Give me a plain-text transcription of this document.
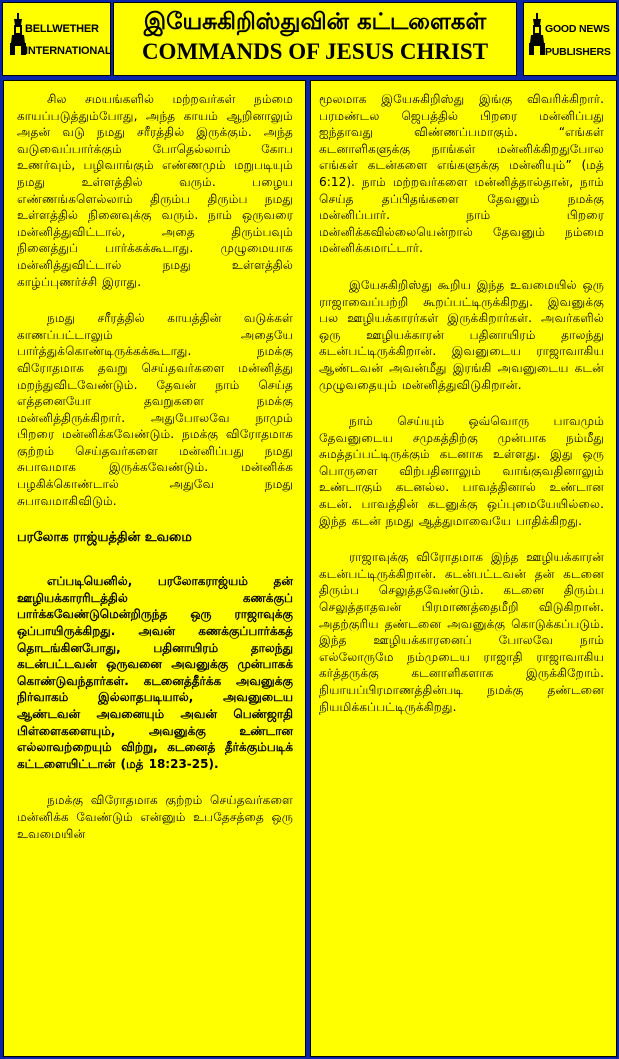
BELLWETHER
INTERNATIONAL
இயேசுகிறிஸ்துவின் கட்டளைகள்
COMMANDS OF JESUS CHRIST
GOOD NEWS
PUBLISHERS

சில சமயங்களில் மற்றவர்கள் நம்மை காயப்படுத்தும்போது, அந்த காயம் ஆறினாலும் அதன் வடு நமது சரீரத்தில் இருக்கும். அந்த வடுவைப்பார்க்கும் போதெல்லாம் கோப உணர்வும், பழிவாங்கும் எண்ணமும் மறுபடியும் நமது உள்ளத்தில் வரும். பழைய எண்ணங்களெல்லாம் திரும்ப திரும்ப நமது உள்ளத்தில் நினைவுக்கு வரும். நாம் ஒருவரை மன்னித்துவிட்டால், அதை திரும்பவும் நினைத்துப் பார்க்கக்கூடாது. முழுமையாக மன்னித்துவிட்டால் நமது உள்ளத்தில் காழ்ப்புணர்ச்சி இராது.

நமது சரீரத்தில் காயத்தின் வடுக்கள் காணப்பட்டாலும் அதையே பார்த்துக்கொண்டிருக்கக்கூடாது. நமக்கு விரோதமாக தவறு செய்தவர்களை மன்னித்து மறந்துவிடவேண்டும். தேவன் நாம் செய்த எத்தனையோ தவறுகளை நமக்கு மன்னித்திருக்கிறார். அதுபோலவே நாமும் பிறரை மன்னிக்கவேண்டும். நமக்கு விரோதமாக குற்றம் செய்தவர்களை மன்னிப்பது நமது சுபாவமாக இருக்கவேண்டும். மன்னிக்க பழகிக்கொண்டால் அதுவே நமது சுபாவமாகிவிடும்.

பரலோக ராஜ்யத்தின் உவமை

எப்படியெனில், பரலோகராஜ்யம் தன் ஊழியக்காரரிடத்தில் கணக்குப் பார்க்கவேண்டுமென்றிருந்த ஒரு ராஜாவுக்கு ஒப்பாயிருக்கிறது. அவன் கணக்குப்பார்க்கத் தொடங்கினபோது, பதினாயிரம் தாலந்து கடன்பட்டவன் ஒருவனை அவனுக்கு முன்பாகக் கொண்டுவந்தார்கள். கடனைத்தீர்க்க அவனுக்கு நிர்வாகம் இல்லாதபடியால், அவனுடைய ஆண்டவன் அவனையும் அவன் பெண்ஜாதி பிள்ளைகளையும், அவனுக்கு உண்டான எல்லாவற்றையும் விற்று, கடனைத் தீர்க்கும்படிக் கட்டளையிட்டான் (மத் 18:23-25).

நமக்கு விரோதமாக குற்றம் செய்தவர்களை மன்னிக்க வேண்டும் என்னும் உபதேசத்தை ஒரு உவமையின்

மூலமாக இயேசுகிறிஸ்து இங்கு விவரிக்கிறார். பரமண்டல ஜெபத்தில் பிறரை மன்னிப்பது ஐந்தாவது விண்ணப்பமாகும். “எங்கள் கடனாளிகளுக்கு நாங்கள் மன்னிக்கிறதுபோல எங்கள் கடன்களை எங்களுக்கு மன்னியும்” (மத் 6:12). நாம் மற்றவர்களை மன்னித்தால்தான், நாம் செய்த தப்பிதங்களை தேவனும் நமக்கு மன்னிப்பார். நாம் பிறரை மன்னிக்கவில்லையென்றால் தேவனும் நம்மை மன்னிக்கமாட்டார்.

இயேசுகிறிஸ்து கூறிய இந்த உவமையில் ஒரு ராஜாவைப்பற்றி கூறப்பட்டிருக்கிறது. இவனுக்கு பல ஊழியக்காரர்கள் இருக்கிறார்கள். அவர்களில் ஒரு ஊழியக்காரன் பதினாயிரம் தாலந்து கடன்பட்டிருக்கிறான். இவனுடைய ராஜாவாகிய ஆண்டவன் அவன்மீது இரங்கி அவனுடைய கடன் முழுவதையும் மன்னித்துவிடுகிறான்.

நாம் செய்யும் ஒவ்வொரு பாவமும் தேவனுடைய சமுகத்திற்கு முன்பாக நம்மீது சுமத்தப்பட்டிருக்கும் கடனாக உள்ளது. இது ஒரு பொருளை விற்பதினாலும் வாங்குவதினாலும் உண்டாகும் கடனல்ல. பாவத்தினால் உண்டான கடன். பாவத்தின் கடனுக்கு ஒப்புமையேயில்லை. இந்த கடன் நமது ஆத்துமாவையே பாதிக்கிறது.

ராஜாவுக்கு விரோதமாக இந்த ஊழியக்காரன் கடன்பட்டிருக்கிறான். கடன்பட்டவன் தன் கடனை திரும்ப செலுத்தவேண்டும். கடனை திரும்ப செலுத்தாதவன் பிரமாணத்தைமீறி விடுகிறான். அதற்குரிய தண்டனை அவனுக்கு கொடுக்கப்படும். இந்த ஊழியக்காரனைப் போலவே நாம் எல்லோருமே நம்முடைய ராஜாதி ராஜாவாகிய கர்த்தருக்கு கடனாளிகளாக இருக்கிறோம். நியாயப்பிரமாணத்தின்படி நமக்கு தண்டனை நியமிக்கப்பட்டிருக்கிறது.
